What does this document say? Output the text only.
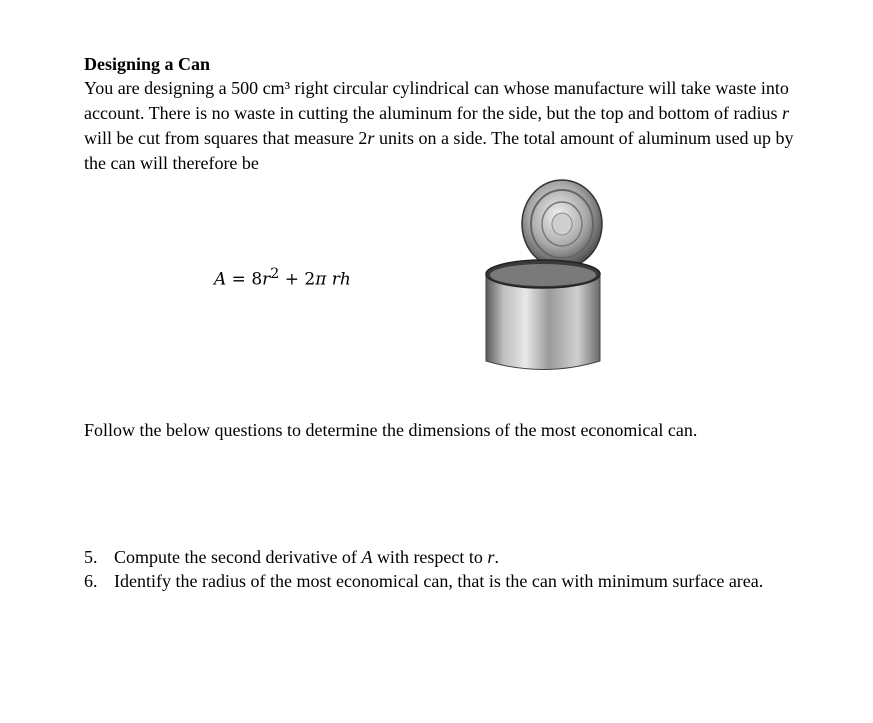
Designing a Can
You are designing a 500 cm³ right circular cylindrical can whose manufacture will take waste into account. There is no waste in cutting the aluminum for the side, but the top and bottom of radius r will be cut from squares that measure 2r units on a side. The total amount of aluminum used up by the can will therefore be
$A = 8r^2 + 2\pi$ rh
Follow the below questions to determine the dimensions of the most economical can.
5. Compute the second derivative of A with respect to r.
6. Identify the radius of the most economical can, that is the can with minimum surface area.
